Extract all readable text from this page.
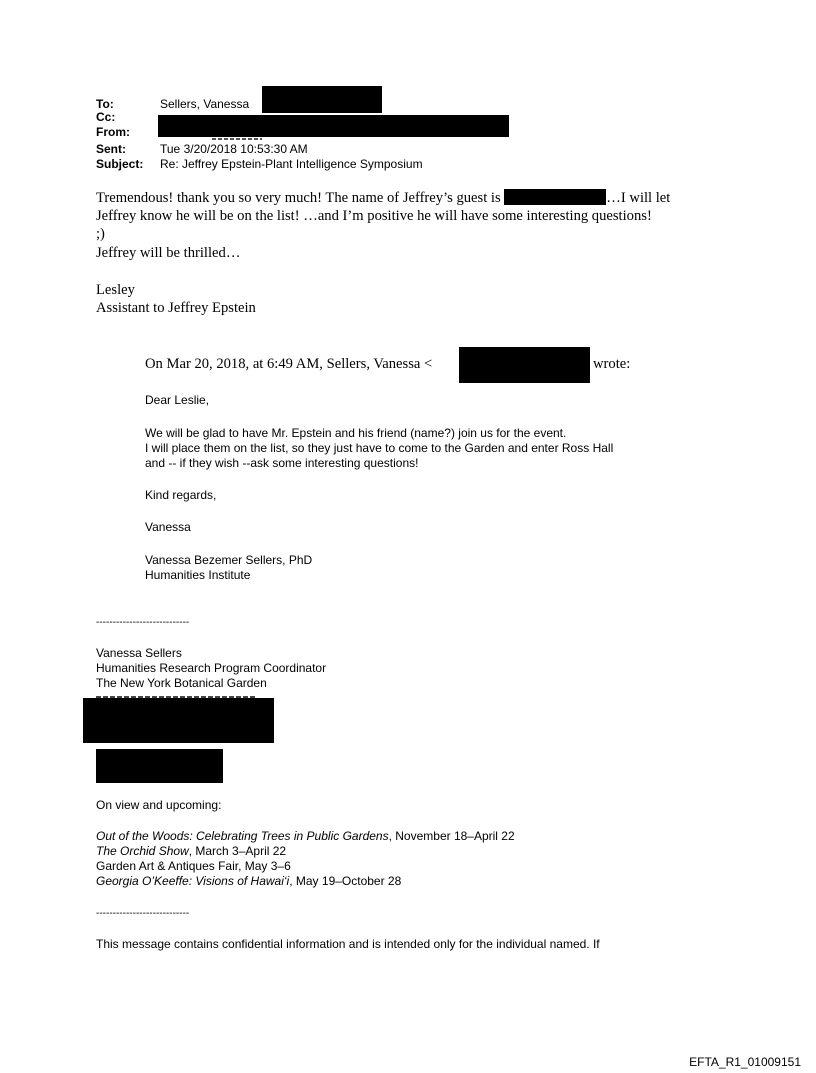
To:	Sellers, Vanessa
Cc:
From:
Sent:	Tue 3/20/2018 10:53:30 AM
Subject: Re: Jeffrey Epstein-Plant Intelligence Symposium
Tremendous! thank you so very much! The name of Jeffrey’s guest is	…I will let
Jeffrey know he will be on the list! …and I’m positive he will have some interesting questions!
;)
Jeffrey will be thrilled…
Lesley
Assistant to Jeffrey Epstein
On Mar 20, 2018, at 6:49 AM, Sellers, Vanessa <	wrote:
Dear Leslie,
We will be glad to have Mr. Epstein and his friend (name?) join us for the event.
I will place them on the list, so they just have to come to the Garden and enter Ross Hall
and -- if they wish --ask some interesting questions!
Kind regards,
Vanessa
Vanessa Bezemer Sellers, PhD
Humanities Institute
----------------------------
Vanessa Sellers
Humanities Research Program Coordinator
The New York Botanical Garden
On view and upcoming:
Out of the Woods: Celebrating Trees in Public Gardens, November 18–April 22
The Orchid Show, March 3–April 22
Garden Art & Antiques Fair, May 3–6
Georgia O’Keeffe: Visions of Hawai‘i, May 19–October 28
----------------------------
This message contains confidential information and is intended only for the individual named. If
EFTA_R1_01009151
